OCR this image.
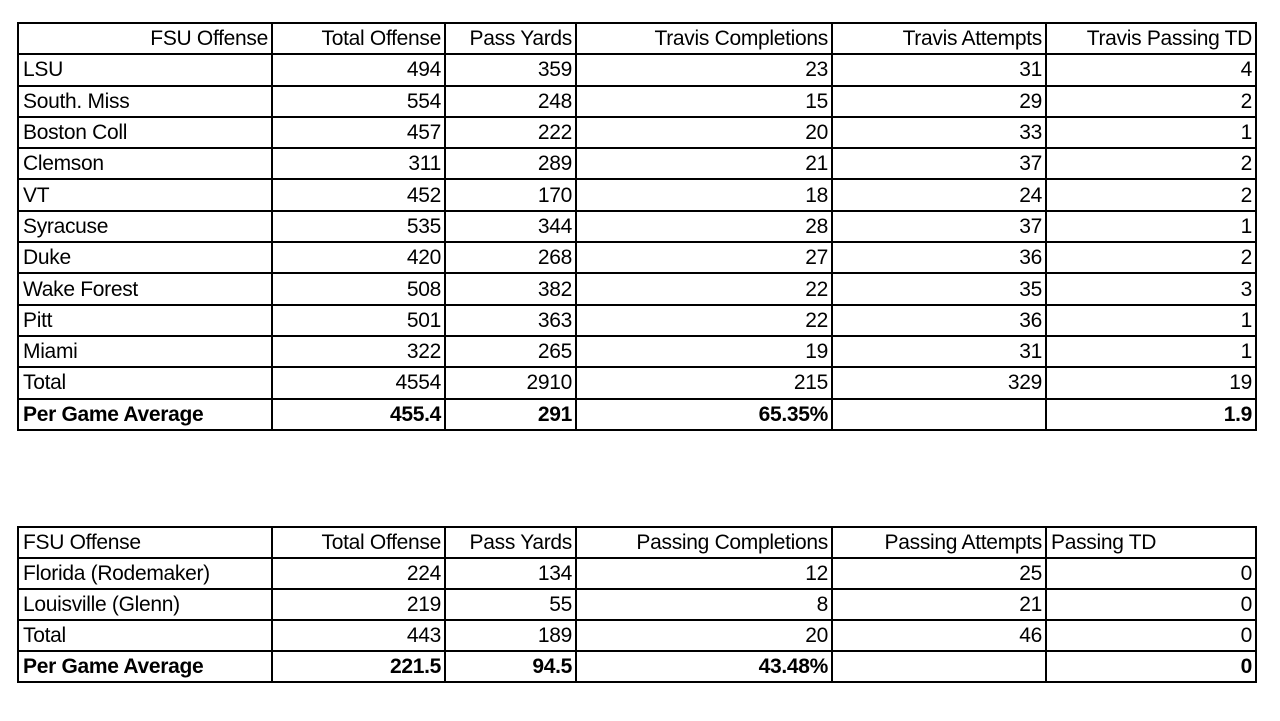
FSU Offense	Total Offense	Pass Yards	Travis Completions	Travis Attempts	Travis Passing TD
LSU	494	359	23	31	4
South. Miss	554	248	15	29	2
Boston Coll	457	222	20	33	1
Clemson	311	289	21	37	2
VT	452	170	18	24	2
Syracuse	535	344	28	37	1
Duke	420	268	27	36	2
Wake Forest	508	382	22	35	3
Pitt	501	363	22	36	1
Miami	322	265	19	31	1
Total	4554	2910	215	329	19
Per Game Average	455.4	291	65.35%		1.9
FSU Offense	Total Offense	Pass Yards	Passing Completions	Passing Attempts	Passing TD
Florida (Rodemaker)	224	134	12	25	0
Louisville (Glenn)	219	55	8	21	0
Total	443	189	20	46	0
Per Game Average	221.5	94.5	43.48%		0
